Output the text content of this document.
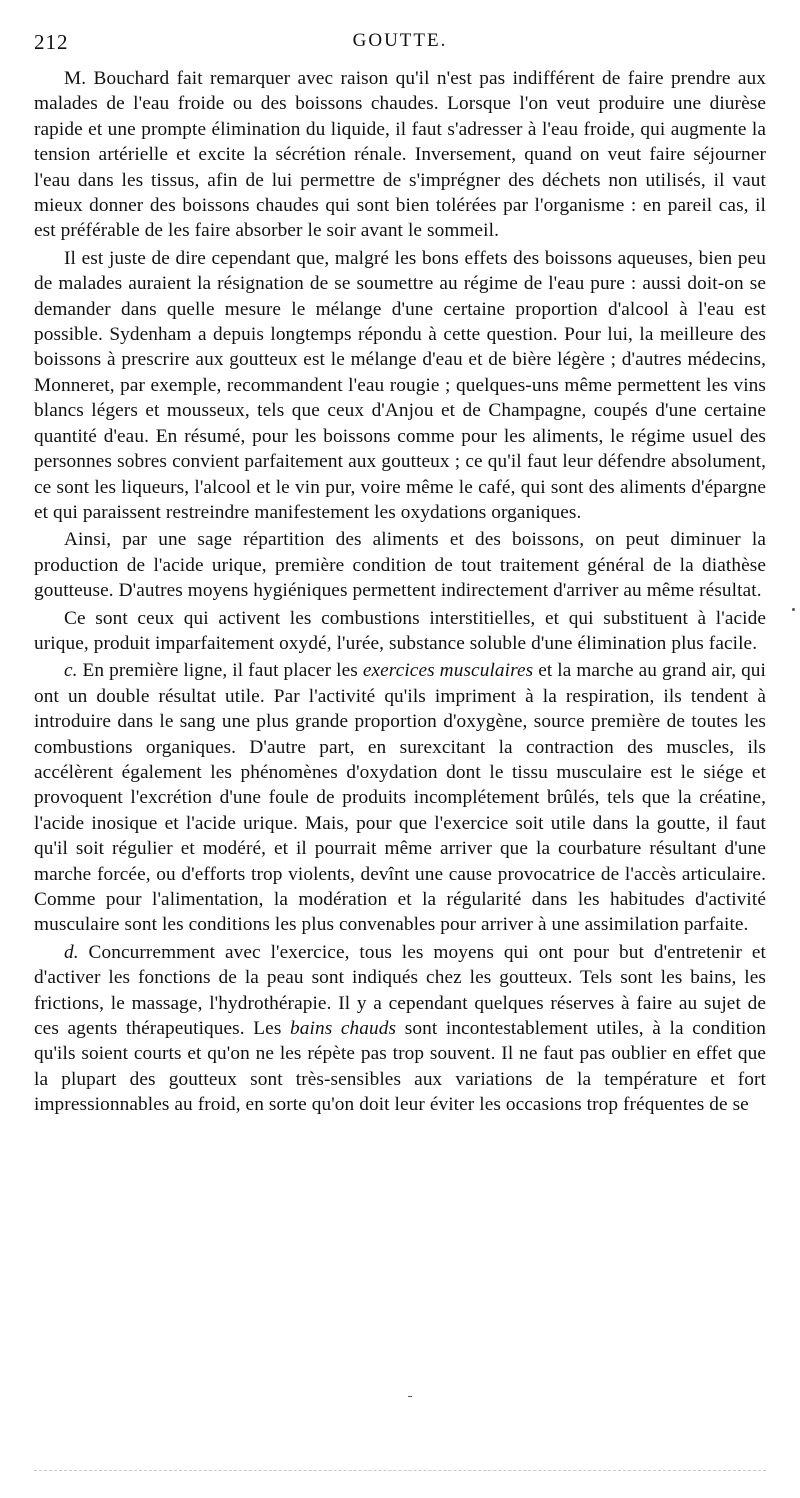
212	GOUTTE.

M. Bouchard fait remarquer avec raison qu'il n'est pas indifférent de faire prendre aux malades de l'eau froide ou des boissons chaudes. Lorsque l'on veut produire une diurèse rapide et une prompte élimination du liquide, il faut s'adresser à l'eau froide, qui augmente la tension artérielle et excite la sécrétion rénale. Inversement, quand on veut faire séjourner l'eau dans les tissus, afin de lui permettre de s'imprégner des déchets non utilisés, il vaut mieux donner des boissons chaudes qui sont bien tolérées par l'organisme : en pareil cas, il est préférable de les faire absorber le soir avant le sommeil.

Il est juste de dire cependant que, malgré les bons effets des boissons aqueuses, bien peu de malades auraient la résignation de se soumettre au régime de l'eau pure : aussi doit-on se demander dans quelle mesure le mélange d'une certaine proportion d'alcool à l'eau est possible. Sydenham a depuis longtemps répondu à cette question. Pour lui, la meilleure des boissons à prescrire aux goutteux est le mélange d'eau et de bière légère ; d'autres médecins, Monneret, par exemple, recommandent l'eau rougie ; quelques-uns même permettent les vins blancs légers et mousseux, tels que ceux d'Anjou et de Champagne, coupés d'une certaine quantité d'eau. En résumé, pour les boissons comme pour les aliments, le régime usuel des personnes sobres convient parfaitement aux goutteux ; ce qu'il faut leur défendre absolument, ce sont les liqueurs, l'alcool et le vin pur, voire même le café, qui sont des aliments d'épargne et qui paraissent restreindre manifestement les oxydations organiques.

Ainsi, par une sage répartition des aliments et des boissons, on peut diminuer la production de l'acide urique, première condition de tout traitement général de la diathèse goutteuse. D'autres moyens hygiéniques permettent indirectement d'arriver au même résultat.

Ce sont ceux qui activent les combustions interstitielles, et qui substituent à l'acide urique, produit imparfaitement oxydé, l'urée, substance soluble d'une élimination plus facile.

c. En première ligne, il faut placer les exercices musculaires et la marche au grand air, qui ont un double résultat utile. Par l'activité qu'ils impriment à la respiration, ils tendent à introduire dans le sang une plus grande proportion d'oxygène, source première de toutes les combustions organiques. D'autre part, en surexcitant la contraction des muscles, ils accélèrent également les phénomènes d'oxydation dont le tissu musculaire est le siége et provoquent l'excrétion d'une foule de produits incomplétement brûlés, tels que la créatine, l'acide inosique et l'acide urique. Mais, pour que l'exercice soit utile dans la goutte, il faut qu'il soit régulier et modéré, et il pourrait même arriver que la courbature résultant d'une marche forcée, ou d'efforts trop violents, devînt une cause provocatrice de l'accès articulaire. Comme pour l'alimentation, la modération et la régularité dans les habitudes d'activité musculaire sont les conditions les plus convenables pour arriver à une assimilation parfaite.

d. Concurremment avec l'exercice, tous les moyens qui ont pour but d'entretenir et d'activer les fonctions de la peau sont indiqués chez les goutteux. Tels sont les bains, les frictions, le massage, l'hydrothérapie. Il y a cependant quelques réserves à faire au sujet de ces agents thérapeutiques. Les bains chauds sont incontestablement utiles, à la condition qu'ils soient courts et qu'on ne les répète pas trop souvent. Il ne faut pas oublier en effet que la plupart des goutteux sont très-sensibles aux variations de la température et fort impressionnables au froid, en sorte qu'on doit leur éviter les occasions trop fréquentes de se
